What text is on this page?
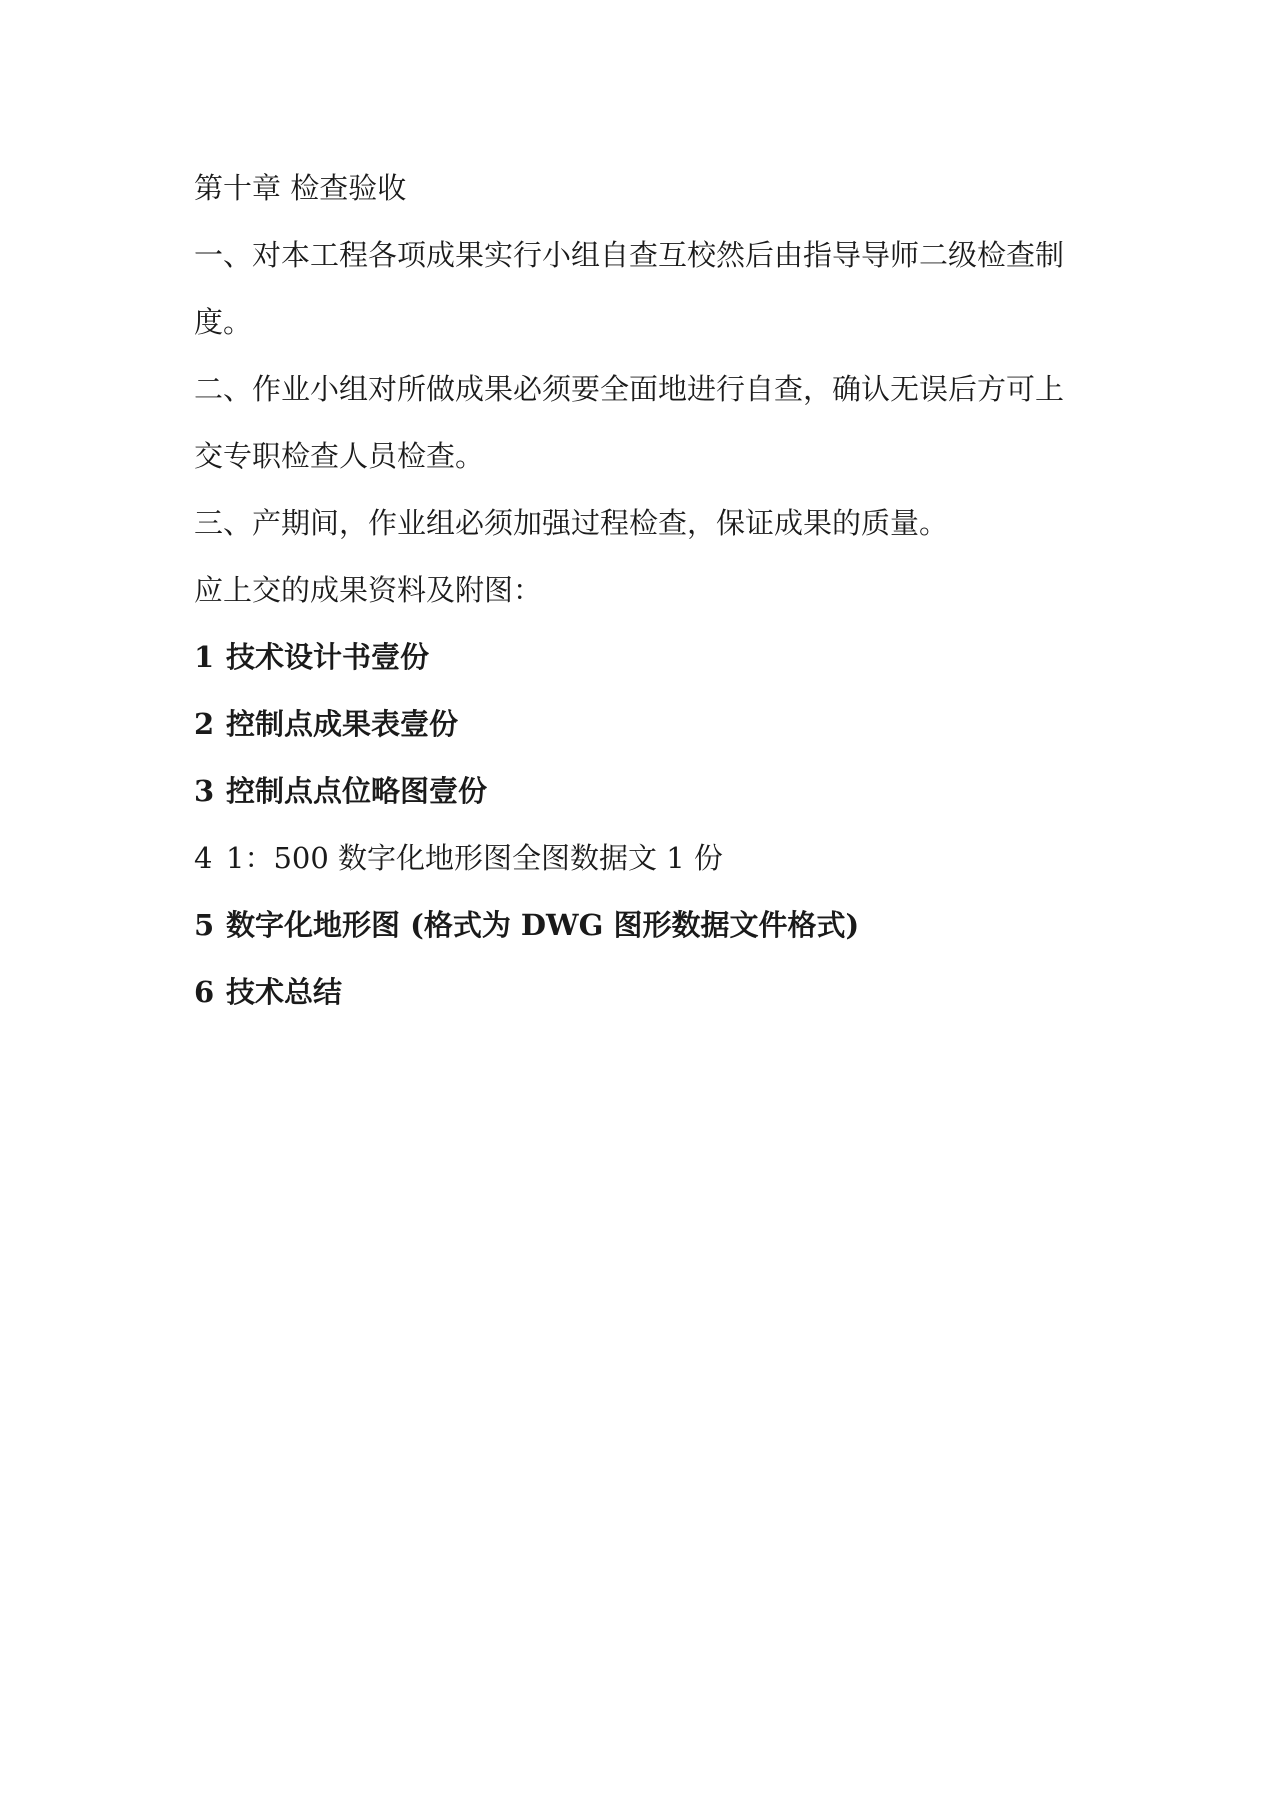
第十章 检查验收
一、对本工程各项成果实行小组自查互校然后由指导导师二级检查制
度。
二、作业小组对所做成果必须要全面地进行自查，确认无误后方可上
交专职检查人员检查。
三、产期间，作业组必须加强过程检查，保证成果的质量。
应上交的成果资料及附图：
1 技术设计书壹份
2 控制点成果表壹份
3 控制点点位略图壹份
4 1：500 数字化地形图全图数据文 1 份
5 数字化地形图 (格式为 DWG 图形数据文件格式)
6 技术总结
